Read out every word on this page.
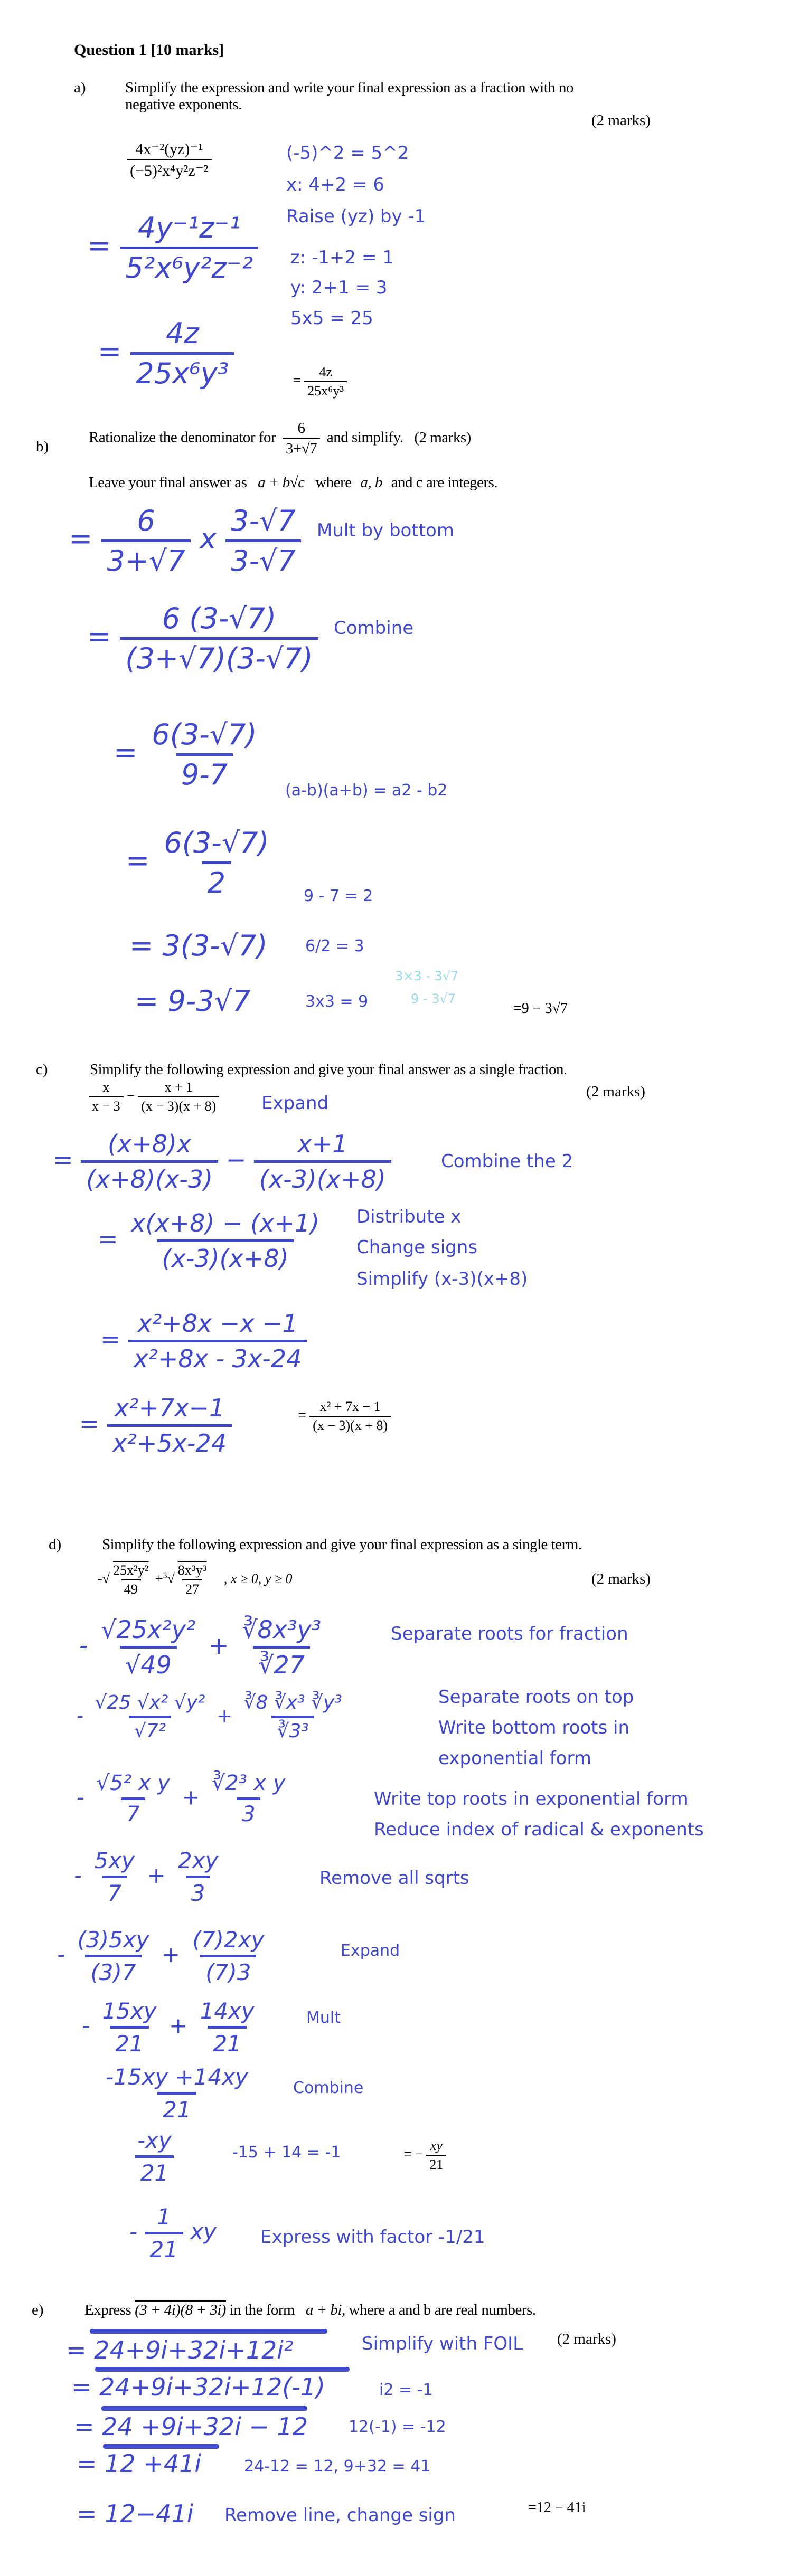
Question 1 [10 marks]
a)	Simplify the expression and write your final expression as a fraction with no
negative exponents.
(2 marks)
$\frac{\text{4x⁻²(yz)⁻¹}}{\text{(−5)²x⁴y²z⁻²}}$	(-5)^2 = 5^2
x: 4+2 = 6
Raise (yz) by -1
z: -1+2 = 1
y: 2+1 = 3
5x5 = 25
= $\frac{\text{4y⁻¹z⁻¹}}{\text{5²x⁶y²z⁻²}}$
= $\frac{4z}{\text{25x⁶y³}}$	= $\frac{4z}{\text{25x⁶y³}}$
b)
Rationalize the denominator for $\frac{6}{3+√7}$ and simplify. (2 marks)
Leave your final answer as a + b√c where a, b and c are integers.
= $\frac{6}{3+√7}$ x $\frac{3-√7}{3-√7}$ Mult by bottom
= $\frac{6 (3-√7)}{(3+√7)(3-√7)}$ Combine
= $\frac{6(3-√7)}{9-7} (a-b)(a+b) = a2 - b2$
= $\frac{6(3-√7)}{2} 9 - 7 = 2$
= 3(3-√7) 6/2 = 3
= 9-3√7	3x3 = 9
3×3 - 3√7
9 - 3√7
=9 − 3√7
c)	Simplify the following expression and give your final answer as a single fraction.
(2 marks)
$\frac{x}{x - 3} - \frac{x + 1}{(x - 3)(x + 8)}$ Expand
= $\frac{(x+8)x}{(x+8)(x-3)} - \frac{x+1}{(x-3)(x+8)}$	Combine the 2
= $\frac{x(x+8) - (x+1)}{(x-3)(x+8)}$ Distribute x
Change signs
Simplify (x-3)(x+8)
= $\frac{\text{x²+8x −x −1}}{\text{x²+8x - 3x-24}}$
= $\frac{\text{x²+7x−1}}{\text{x²+5x-24}}$	= $\frac{\text{x² + 7x − 1}}{(x - 3)(x + 8)}$
d)	Simplify the following expression and give your final expression as a single term.
(2 marks)
-√ $\frac{\text{25x²y²}}{49} +^3√ \frac{\text{8x³y³}}{27}$ , x ≥ 0, y ≥ 0
- $\frac{\text{√25x²y²}}{√49} + \frac{\text{∛8x³y³}}{∛27}$	Separate roots for fraction
- $\frac{\text{√25 √x² √y²}}{\text{√7²}} + \frac{\text{∛8 ∛x³ ∛y³}}{\text{∛3³}}$	Separate roots on top
Write bottom roots in
exponential form
- $\frac{\text{√5² x y}}{7} + \frac{\text{∛2³ x y}}{3}$	Write top roots in exponential form
Reduce index of radical & exponents
- $\frac{5xy}{7} + \frac{2xy}{3}$	Remove all sqrts
- $\frac{(3)5xy}{(3)7} + \frac{(7)2xy}{(7)3}$	Expand
- $\frac{15xy}{21} + \frac{14xy}{21}$	Mult
$\frac{-15xy +14xy}{21}$ Combine
$\frac{-xy}{21}$	-15 + 14 = -1	= − $\frac{xy}{21}$
- $\frac{1}{21}$ xy Express with factor -1/21
e)	Express (3 + 4i)(8 + 3i) in the form a + bi, where a and b are real numbers.
= 24+9i+32i+12i²	Simplify with FOIL (2 marks)
= 24+9i+32i+12(-1)	i2 = -1
= 24 +9i+32i − 12	12(-1) = -12
= 12 +41i	24-12 = 12, 9+32 = 41
= 12−41i Remove line, change sign	=12 − 41i
